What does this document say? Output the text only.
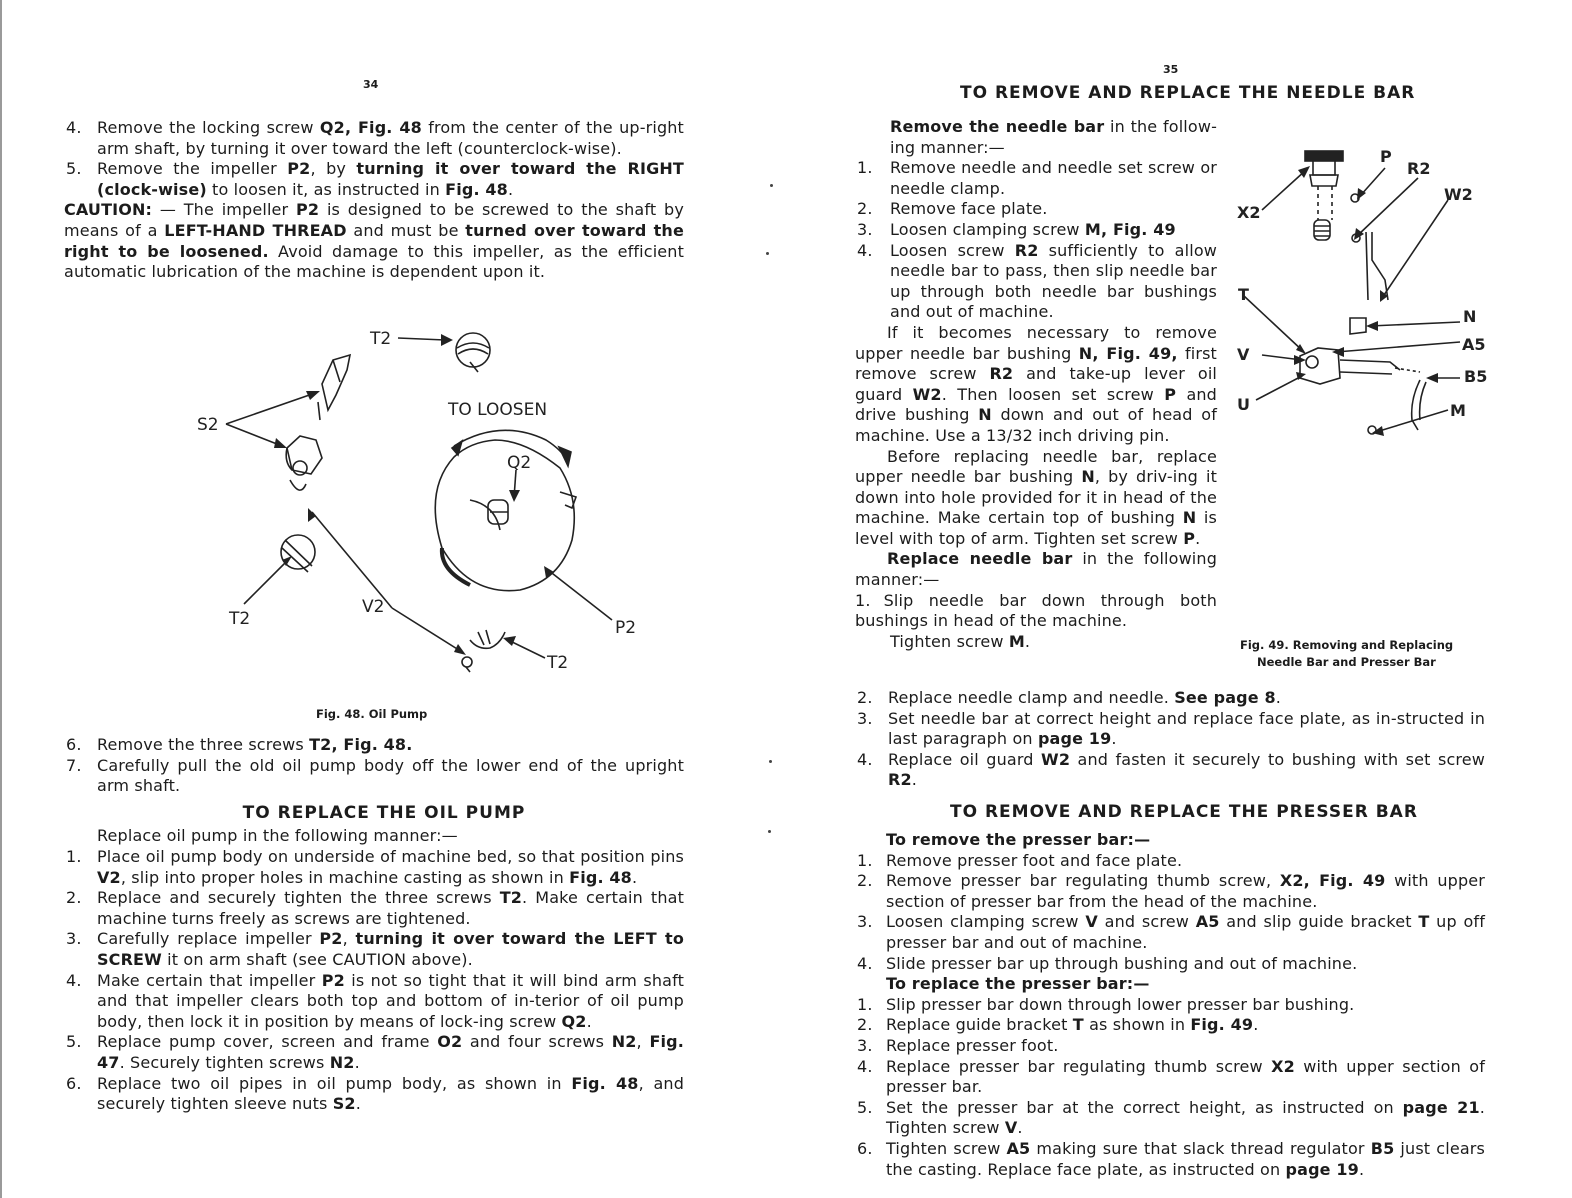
34
4. Remove the locking screw Q2, Fig. 48 from the center of the up-right arm shaft, by turning it over toward the left (counterclock-wise).
5. Remove the impeller P2, by turning it over toward the RIGHT (clock-wise) to loosen it, as instructed in Fig. 48.
CAUTION: — The impeller P2 is designed to be screwed to the shaft by means of a LEFT-HAND THREAD and must be turned over toward the right to be loosened. Avoid damage to this impeller, as the efficient automatic lubrication of the machine is dependent upon it.
T2
S2
TO LOOSEN
Q2
T2
V2
P2
T2
Fig. 48. Oil Pump
6. Remove the three screws T2, Fig. 48.
7. Carefully pull the old oil pump body off the lower end of the upright arm shaft.
TO REPLACE THE OIL PUMP
Replace oil pump in the following manner:—
1. Place oil pump body on underside of machine bed, so that position pins V2, slip into proper holes in machine casting as shown in Fig. 48.
2. Replace and securely tighten the three screws T2. Make certain that machine turns freely as screws are tightened.
3. Carefully replace impeller P2, turning it over toward the LEFT to SCREW it on arm shaft (see CAUTION above).
4. Make certain that impeller P2 is not so tight that it will bind arm shaft and that impeller clears both top and bottom of in-terior of oil pump body, then lock it in position by means of lock-ing screw Q2.
5. Replace pump cover, screen and frame O2 and four screws N2, Fig. 47. Securely tighten screws N2.
6. Replace two oil pipes in oil pump body, as shown in Fig. 48, and securely tighten sleeve nuts S2.
35
TO REMOVE AND REPLACE THE NEEDLE BAR
Remove the needle bar in the follow-ing manner:—
1. Remove needle and needle set screw or needle clamp.
2. Remove face plate.
3. Loosen clamping screw M, Fig. 49
4. Loosen screw R2 sufficiently to allow needle bar to pass, then slip needle bar up through both needle bar bushings and out of machine.
If it becomes necessary to remove upper needle bar bushing N, Fig. 49, first remove screw R2 and take-up lever oil guard W2. Then loosen set screw P and drive bushing N down and out of head of machine. Use a 13/32 inch driving pin.
Before replacing needle bar, replace upper needle bar bushing N, by driv-ing it down into hole provided for it in head of the machine. Make certain top of bushing N is level with top of arm. Tighten set screw P.
Replace needle bar in the following manner:—
1. Slip needle bar down through both bushings in head of the machine.
Tighten screw M.
2. Replace needle clamp and needle. See page 8.
3. Set needle bar at correct height and replace face plate, as in-structed in last paragraph on page 19.
4. Replace oil guard W2 and fasten it securely to bushing with set screw R2.
P
R2
W2
X2
T
N
A5
V
B5
U	M
Fig. 49. Removing and Replacing
Needle Bar and Presser Bar
TO REMOVE AND REPLACE THE PRESSER BAR
To remove the presser bar:—
1. Remove presser foot and face plate.
2. Remove presser bar regulating thumb screw, X2, Fig. 49 with upper section of presser bar from the head of the machine.
3. Loosen clamping screw V and screw A5 and slip guide bracket T up off presser bar and out of machine.
4. Slide presser bar up through bushing and out of machine.
To replace the presser bar:—
1. Slip presser bar down through lower presser bar bushing.
2. Replace guide bracket T as shown in Fig. 49.
3. Replace presser foot.
4. Replace presser bar regulating thumb screw X2 with upper section of presser bar.
5. Set the presser bar at the correct height, as instructed on page 21. Tighten screw V.
6. Tighten screw A5 making sure that slack thread regulator B5 just clears the casting. Replace face plate, as instructed on page 19.
